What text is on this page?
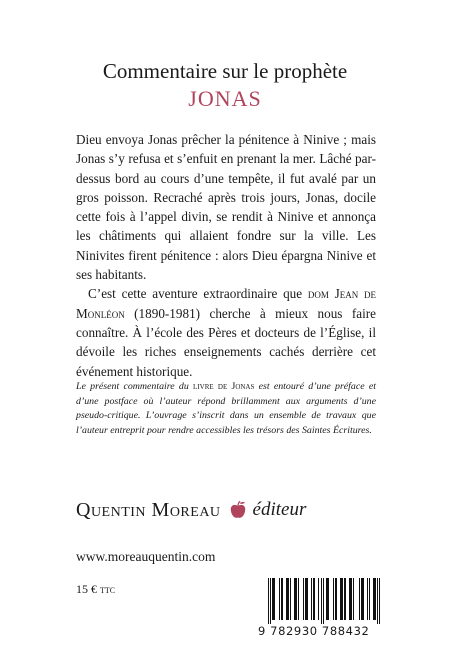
Commentaire sur le prophète
JONAS

Dieu envoya Jonas prêcher la pénitence à Ninive ; mais Jonas s’y refusa et s’enfuit en prenant la mer. Lâché par-dessus bord au cours d’une tempête, il fut avalé par un gros poisson. Recraché après trois jours, Jonas, docile cette fois à l’appel divin, se rendit à Ninive et annonça les châtiments qui allaient fondre sur la ville. Les Ninivites firent pénitence : alors Dieu épargna Ninive et ses habitants.

C’est cette aventure extraordinaire que dom Jean de Monléon (1890-1981) cherche à mieux nous faire connaître. À l’école des Pères et docteurs de l’Église, il dévoile les riches enseignements cachés derrière cet événement historique.

Le présent commentaire du livre de Jonas est entouré d’une préface et d’une postface où l’auteur répond brillamment aux arguments d’une pseudo-critique. L’ouvrage s’inscrit dans un ensemble de travaux que l’auteur entreprit pour rendre accessibles les trésors des Saintes Écritures.
Quentin Moreau éditeur
www.moreauquentin.com
15 € ttc
9 782930 788432
